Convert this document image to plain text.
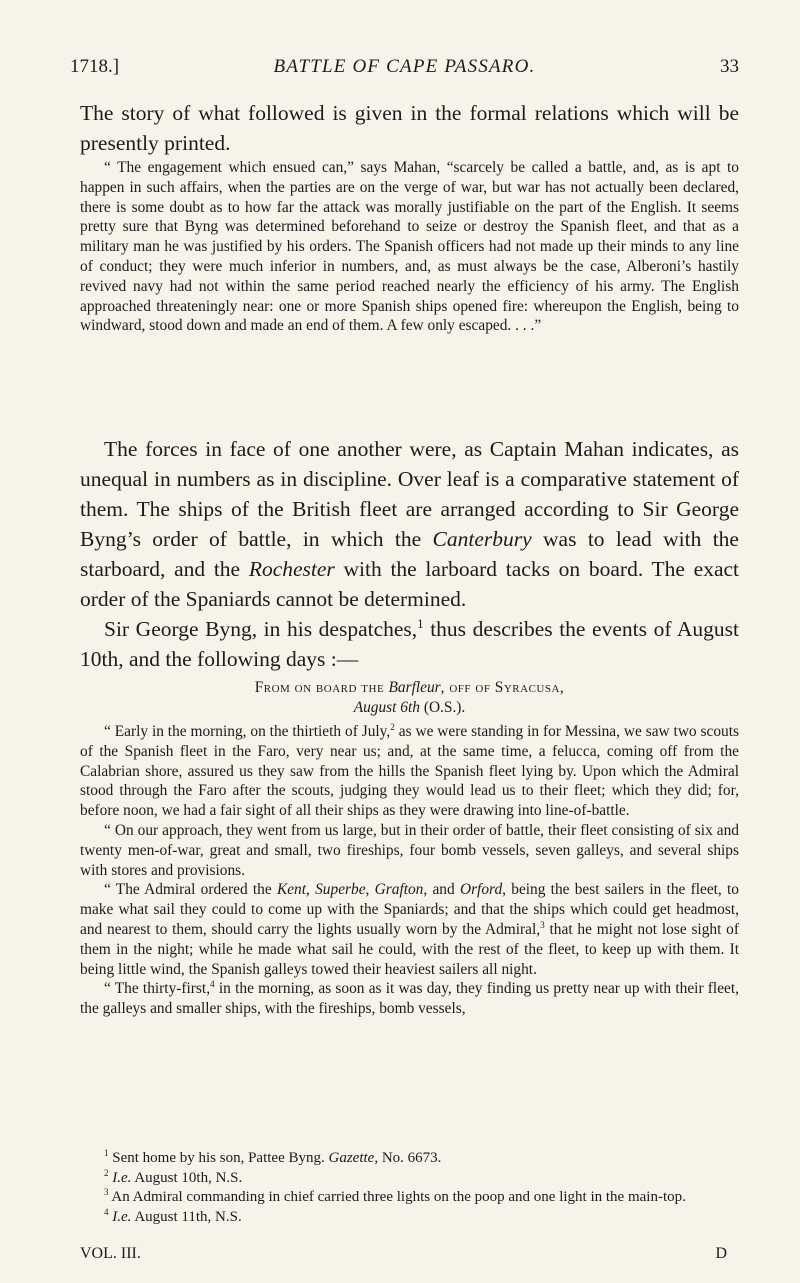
1718.]	BATTLE OF CAPE PASSARO.	33

The story of what followed is given in the formal relations which will be presently printed.

“ The engagement which ensued can,” says Mahan, “scarcely be called a battle, and, as is apt to happen in such affairs, when the parties are on the verge of war, but war has not actually been declared, there is some doubt as to how far the attack was morally justifiable on the part of the English. It seems pretty sure that Byng was determined beforehand to seize or destroy the Spanish fleet, and that as a military man he was justified by his orders. The Spanish officers had not made up their minds to any line of conduct; they were much inferior in numbers, and, as must always be the case, Alberoni’s hastily revived navy had not within the same period reached nearly the efficiency of his army. The English approached threateningly near: one or more Spanish ships opened fire: whereupon the English, being to windward, stood down and made an end of them. A few only escaped. . . .”

The forces in face of one another were, as Captain Mahan indicates, as unequal in numbers as in discipline. Over leaf is a comparative statement of them. The ships of the British fleet are arranged according to Sir George Byng’s order of battle, in which the Canterbury was to lead with the starboard, and the Rochester with the larboard tacks on board. The exact order of the Spaniards cannot be determined.

Sir George Byng, in his despatches,$^1$ thus describes the events of August 10th, and the following days :—

From on board the Barfleur, off of Syracusa,
August 6th (O.S.).

“ Early in the morning, on the thirtieth of July,$^2$ as we were standing in for Messina, we saw two scouts of the Spanish fleet in the Faro, very near us; and, at the same time, a felucca, coming off from the Calabrian shore, assured us they saw from the hills the Spanish fleet lying by. Upon which the Admiral stood through the Faro after the scouts, judging they would lead us to their fleet; which they did; for, before noon, we had a fair sight of all their ships as they were drawing into line-of-battle.

“ On our approach, they went from us large, but in their order of battle, their fleet consisting of six and twenty men-of-war, great and small, two fireships, four bomb vessels, seven galleys, and several ships with stores and provisions.

“ The Admiral ordered the Kent, Superbe, Grafton, and Orford, being the best sailers in the fleet, to make what sail they could to come up with the Spaniards; and that the ships which could get headmost, and nearest to them, should carry the lights usually worn by the Admiral,$^3$ that he might not lose sight of them in the night; while he made what sail he could, with the rest of the fleet, to keep up with them. It being little wind, the Spanish galleys towed their heaviest sailers all night.

“ The thirty-first,$^4$ in the morning, as soon as it was day, they finding us pretty near up with their fleet, the galleys and smaller ships, with the fireships, bomb vessels,

$^1$ Sent home by his son, Pattee Byng. Gazette, No. 6673.

$^2$ I.e. August 10th, N.S.

$^3$ An Admiral commanding in chief carried three lights on the poop and one light in the main-top.

$^4$ I.e. August 11th, N.S.

VOL. III.	D
